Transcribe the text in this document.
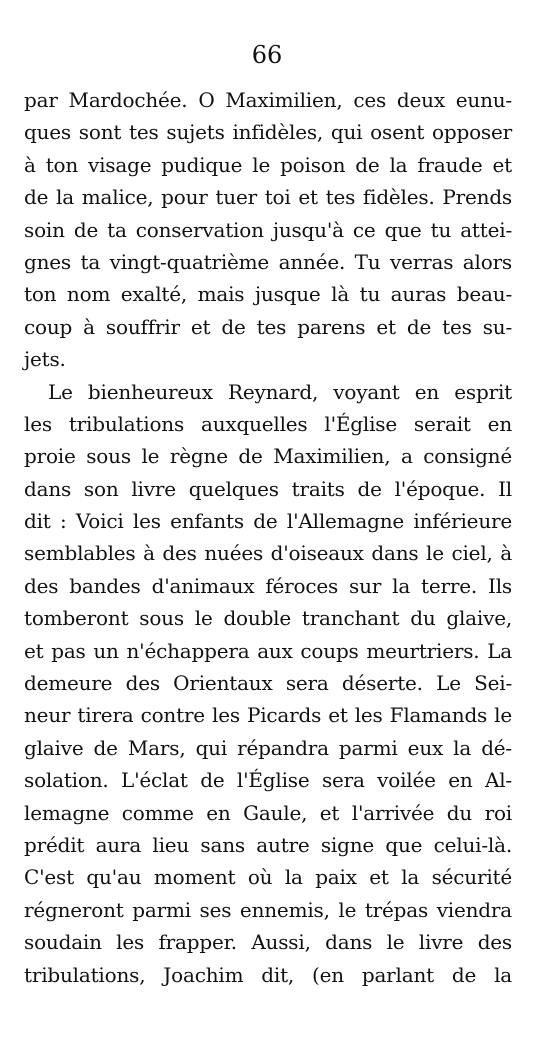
66
par Mardochée. O Maximilien, ces deux eunu-
ques sont tes sujets infidèles, qui osent opposer
à ton visage pudique le poison de la fraude et
de la malice, pour tuer toi et tes fidèles. Prends
soin de ta conservation jusqu'à ce que tu attei-
gnes ta vingt-quatrième année. Tu verras alors
ton nom exalté, mais jusque là tu auras beau-
coup à souffrir et de tes parens et de tes su-
jets.
Le bienheureux Reynard, voyant en esprit
les tribulations auxquelles l'Église serait en
proie sous le règne de Maximilien, a consigné
dans son livre quelques traits de l'époque. Il
dit : Voici les enfants de l'Allemagne inférieure
semblables à des nuées d'oiseaux dans le ciel, à
des bandes d'animaux féroces sur la terre. Ils
tomberont sous le double tranchant du glaive,
et pas un n'échappera aux coups meurtriers. La
demeure des Orientaux sera déserte. Le Sei-
neur tirera contre les Picards et les Flamands le
glaive de Mars, qui répandra parmi eux la dé-
solation. L'éclat de l'Église sera voilée en Al-
lemagne comme en Gaule, et l'arrivée du roi
prédit aura lieu sans autre signe que celui-là.
C'est qu'au moment où la paix et la sécurité
régneront parmi ses ennemis, le trépas viendra
soudain les frapper. Aussi, dans le livre des
tribulations, Joachim dit, (en parlant de la
